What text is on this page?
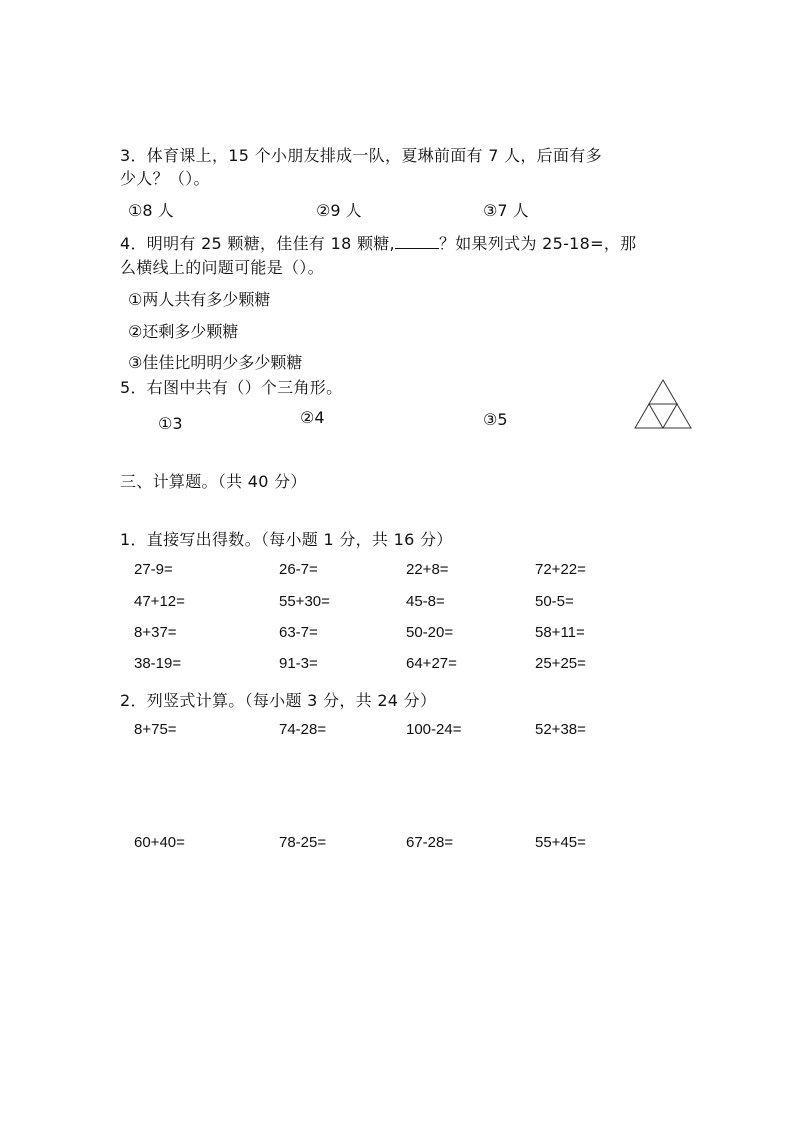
3．体育课上，15 个小朋友排成一队，夏琳前面有 7 人，后面有多
少人？（）。
①8 人	②9 人	③7 人
4．明明有 25 颗糖，佳佳有 18 颗糖,	？如果列式为 25-18=，那
么横线上的问题可能是（）。
①两人共有多少颗糖
②还剩多少颗糖
③佳佳比明明少多少颗糖
5．右图中共有（）个三角形。
①3	②4	③5
三、计算题。（共 40 分）
1．直接写出得数。（每小题 1 分，共 16 分）
27-9=	26-7=	22+8=	72+22=
47+12=	55+30=	45-8=	50-5=
8+37=	63-7=	50-20=	58+11=
38-19=	91-3=	64+27=	25+25=
2．列竖式计算。（每小题 3 分，共 24 分）
8+75=	74-28=	100-24=	52+38=
60+40=	78-25=	67-28=	55+45=
